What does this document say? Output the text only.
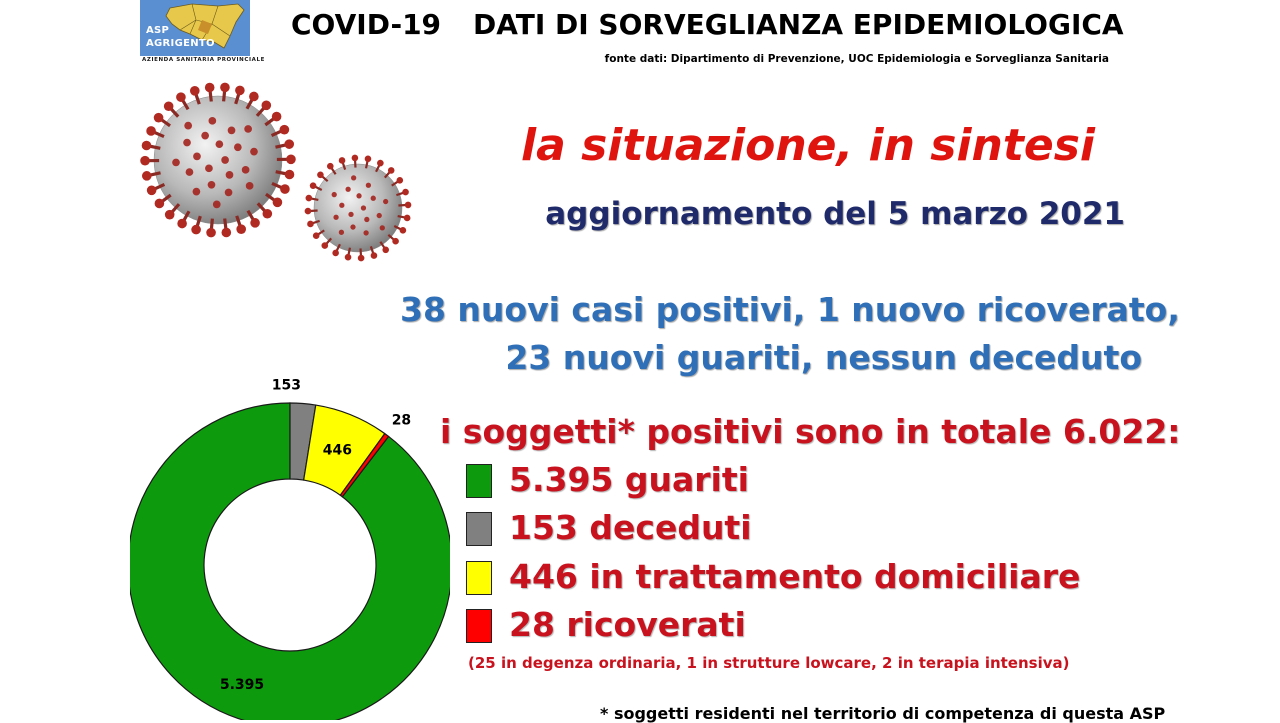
ASP
AGRIGENTO
AZIENDA SANITARIA PROVINCIALE
COVID-19 DATI DI SORVEGLIANZA EPIDEMIOLOGICA
fonte dati: Dipartimento di Prevenzione, UOC Epidemiologia e Sorveglianza Sanitaria
la situazione, in sintesi
aggiornamento del 5 marzo 2021
38 nuovi casi positivi, 1 nuovo ricoverato,
23 nuovi guariti, nessun deceduto
i soggetti* positivi sono in totale 6.022:
5.395 guariti
153 deceduti
446 in trattamento domiciliare
28 ricoverati
(25 in degenza ordinaria, 1 in strutture lowcare, 2 in terapia intensiva)
* soggetti residenti nel territorio di competenza di questa ASP
5.395
153
446
28
